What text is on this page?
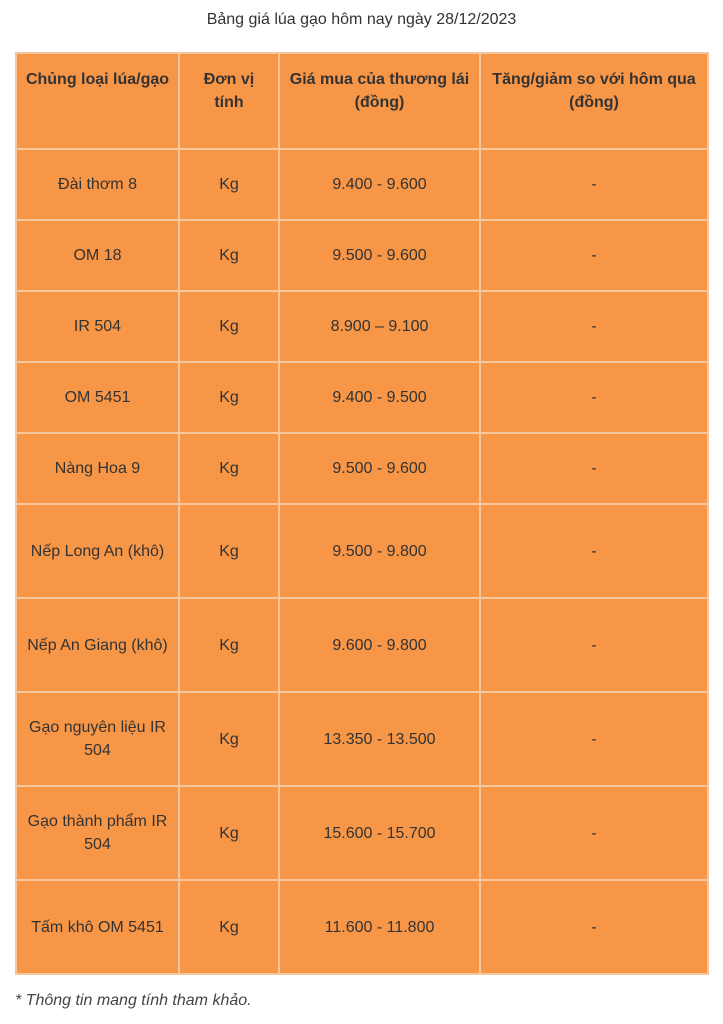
Bảng giá lúa gạo hôm nay ngày 28/12/2023
Chủng loại lúa/gạo	Đơn vị tính	Giá mua của thương lái (đồng)	Tăng/giảm so với hôm qua (đồng)
Đài thơm 8	Kg	9.400 - 9.600	-
OM 18	Kg	9.500 - 9.600	-
IR 504	Kg	8.900 – 9.100	-
OM 5451	Kg	9.400 - 9.500	-
Nàng Hoa 9	Kg	9.500 - 9.600	-
Nếp Long An (khô)	Kg	9.500 - 9.800	-
Nếp An Giang (khô)	Kg	9.600 - 9.800	-
Gạo nguyên liệu IR 504	Kg	13.350 - 13.500	-
Gạo thành phẩm IR 504	Kg	15.600 - 15.700	-
Tấm khô OM 5451	Kg	11.600 - 11.800	-
* Thông tin mang tính tham khảo.
